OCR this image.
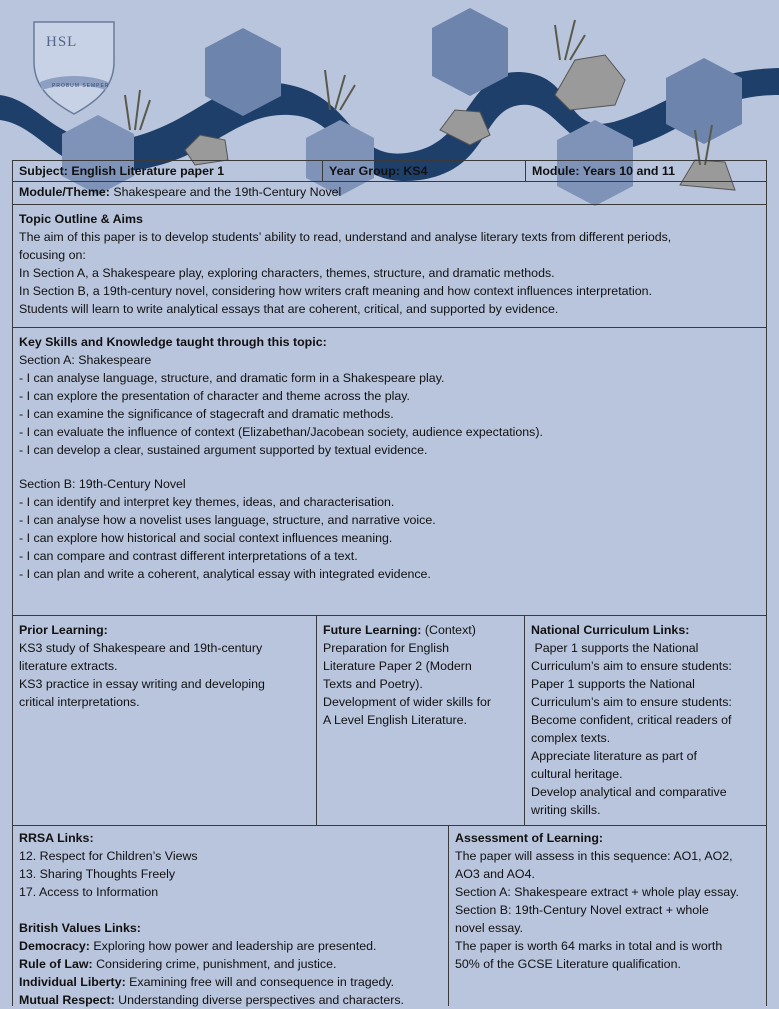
HSL
PROBUM SEMPER
Subject: English Literature paper 1	Year Group: KS4	Module: Years 10 and 11
Module/Theme: Shakespeare and the 19th-Century Novel
Topic Outline & Aims
The aim of this paper is to develop students’ ability to read, understand and analyse literary texts from different periods,
focusing on:
In Section A, a Shakespeare play, exploring characters, themes, structure, and dramatic methods.
In Section B, a 19th-century novel, considering how writers craft meaning and how context influences interpretation.
Students will learn to write analytical essays that are coherent, critical, and supported by evidence.
Key Skills and Knowledge taught through this topic:
Section A: Shakespeare
- I can analyse language, structure, and dramatic form in a Shakespeare play.
- I can explore the presentation of character and theme across the play.
- I can examine the significance of stagecraft and dramatic methods.
- I can evaluate the influence of context (Elizabethan/Jacobean society, audience expectations).
- I can develop a clear, sustained argument supported by textual evidence.
Section B: 19th-Century Novel
- I can identify and interpret key themes, ideas, and characterisation.
- I can analyse how a novelist uses language, structure, and narrative voice.
- I can explore how historical and social context influences meaning.
- I can compare and contrast different interpretations of a text.
- I can plan and write a coherent, analytical essay with integrated evidence.
Prior Learning:
KS3 study of Shakespeare and 19th-century
literature extracts.
KS3 practice in essay writing and developing
critical interpretations.
Future Learning: (Context)
Preparation for English
Literature Paper 2 (Modern
Texts and Poetry).
Development of wider skills for
A Level English Literature.
National Curriculum Links:
Paper 1 supports the National
Curriculum’s aim to ensure students:
Paper 1 supports the National
Curriculum’s aim to ensure students:
Become confident, critical readers of
complex texts.
Appreciate literature as part of
cultural heritage.
Develop analytical and comparative
writing skills.
RRSA Links:
12. Respect for Children’s Views
13. Sharing Thoughts Freely
17. Access to Information
British Values Links:
Democracy: Exploring how power and leadership are presented.
Rule of Law: Considering crime, punishment, and justice.
Individual Liberty: Examining free will and consequence in tragedy.
Mutual Respect: Understanding diverse perspectives and characters.
Assessment of Learning:
The paper will assess in this sequence: AO1, AO2,
AO3 and AO4.
Section A: Shakespeare extract + whole play essay.
Section B: 19th-Century Novel extract + whole
novel essay.
The paper is worth 64 marks in total and is worth
50% of the GCSE Literature qualification.
